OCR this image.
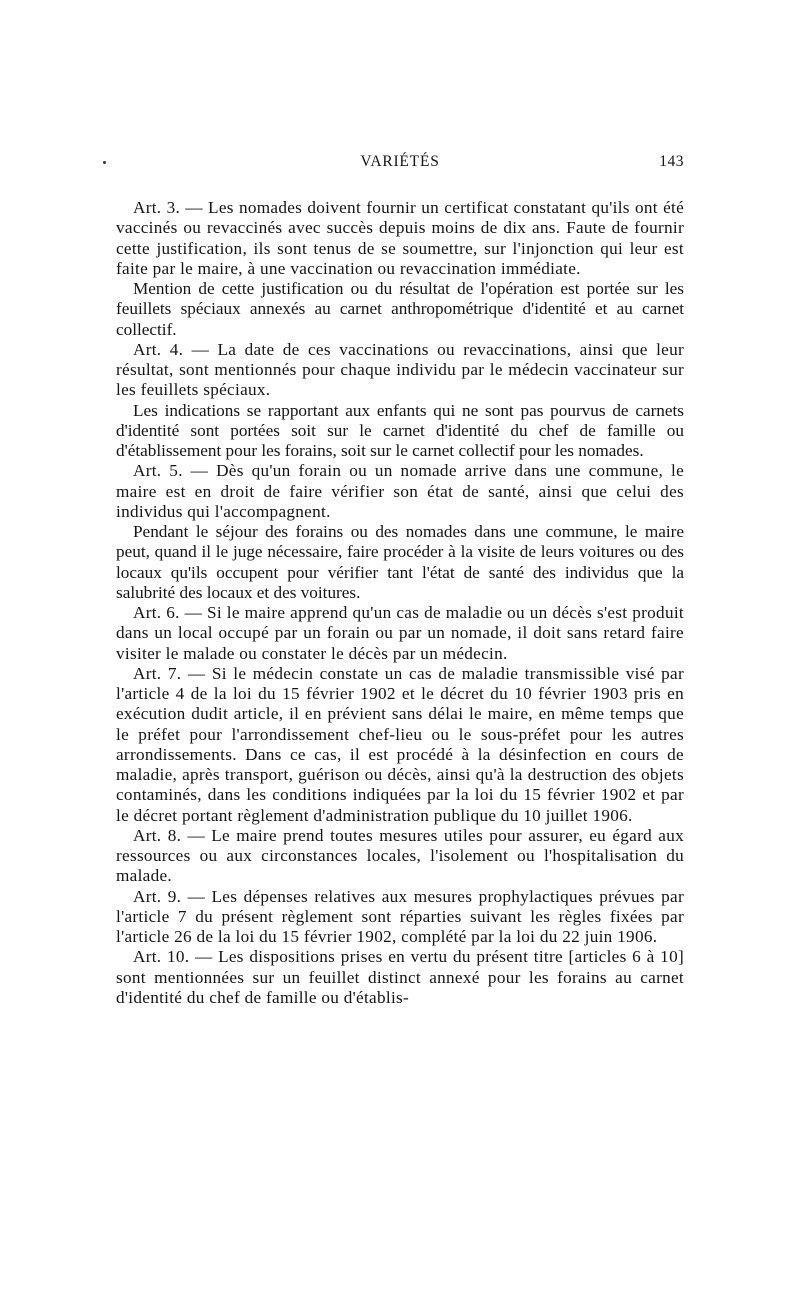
VARIÉTÉS	143

Art. 3. — Les nomades doivent fournir un certificat constatant qu'ils ont été vaccinés ou revaccinés avec succès depuis moins de dix ans. Faute de fournir cette justification, ils sont tenus de se soumettre, sur l'injonction qui leur est faite par le maire, à une vaccination ou revaccination immédiate.

Mention de cette justification ou du résultat de l'opération est portée sur les feuillets spéciaux annexés au carnet anthropométrique d'identité et au carnet collectif.

Art. 4. — La date de ces vaccinations ou revaccinations, ainsi que leur résultat, sont mentionnés pour chaque individu par le médecin vaccinateur sur les feuillets spéciaux.

Les indications se rapportant aux enfants qui ne sont pas pourvus de carnets d'identité sont portées soit sur le carnet d'identité du chef de famille ou d'établissement pour les forains, soit sur le carnet collectif pour les nomades.

Art. 5. — Dès qu'un forain ou un nomade arrive dans une commune, le maire est en droit de faire vérifier son état de santé, ainsi que celui des individus qui l'accompagnent.

Pendant le séjour des forains ou des nomades dans une commune, le maire peut, quand il le juge nécessaire, faire procéder à la visite de leurs voitures ou des locaux qu'ils occupent pour vérifier tant l'état de santé des individus que la salubrité des locaux et des voitures.

Art. 6. — Si le maire apprend qu'un cas de maladie ou un décès s'est produit dans un local occupé par un forain ou par un nomade, il doit sans retard faire visiter le malade ou constater le décès par un médecin.

Art. 7. — Si le médecin constate un cas de maladie transmissible visé par l'article 4 de la loi du 15 février 1902 et le décret du 10 février 1903 pris en exécution dudit article, il en prévient sans délai le maire, en même temps que le préfet pour l'arrondissement chef-lieu ou le sous-préfet pour les autres arrondissements. Dans ce cas, il est procédé à la désinfection en cours de maladie, après transport, guérison ou décès, ainsi qu'à la destruction des objets contaminés, dans les conditions indiquées par la loi du 15 février 1902 et par le décret portant règlement d'administration publique du 10 juillet 1906.

Art. 8. — Le maire prend toutes mesures utiles pour assurer, eu égard aux ressources ou aux circonstances locales, l'isolement ou l'hospitalisation du malade.

Art. 9. — Les dépenses relatives aux mesures prophylactiques prévues par l'article 7 du présent règlement sont réparties suivant les règles fixées par l'article 26 de la loi du 15 février 1902, complété par la loi du 22 juin 1906.

Art. 10. — Les dispositions prises en vertu du présent titre [articles 6 à 10] sont mentionnées sur un feuillet distinct annexé pour les forains au carnet d'identité du chef de famille ou d'établis-
